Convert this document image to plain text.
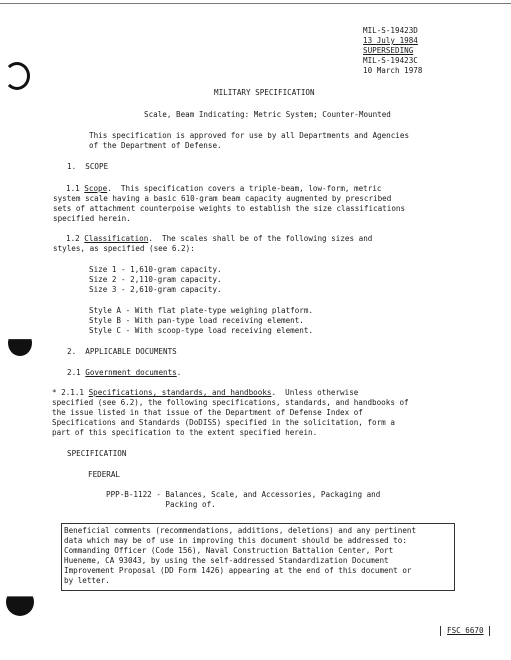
MIL-S-19423D
13 July 1984
SUPERSEDING
MIL-S-19423C
10 March 1978
MILITARY SPECIFICATION
Scale, Beam Indicating: Metric System; Counter-Mounted
This specification is approved for use by all Departments and Agencies
of the Department of Defense.
1.  SCOPE
1.1 Scope.  This specification covers a triple-beam, low-form, metric
system scale having a basic 610-gram beam capacity augmented by prescribed
sets of attachment counterpoise weights to establish the size classifications
specified herein.
1.2 Classification.  The scales shall be of the following sizes and
styles, as specified (see 6.2):
Size 1 - 1,610-gram capacity.
Size 2 - 2,110-gram capacity.
Size 3 - 2,610-gram capacity.
Style A - With flat plate-type weighing platform.
Style B - With pan-type load receiving element.
Style C - With scoop-type load receiving element.
2.  APPLICABLE DOCUMENTS
2.1 Government documents.
* 2.1.1 Specifications, standards, and handbooks.  Unless otherwise
specified (see 6.2), the following specifications, standards, and handbooks of
the issue listed in that issue of the Department of Defense Index of
Specifications and Standards (DoDISS) specified in the solicitation, form a
part of this specification to the extent specified herein.
SPECIFICATION
FEDERAL
PPP-B-1122 - Balances, Scale, and Accessories, Packaging and
Packing of.
Beneficial comments (recommendations, additions, deletions) and any pertinent
data which may be of use in improving this document should be addressed to:
Commanding Officer (Code 156), Naval Construction Battalion Center, Port
Hueneme, CA 93043, by using the self-addressed Standardization Document
Improvement Proposal (DD Form 1426) appearing at the end of this document or
by letter.
FSC 6670
